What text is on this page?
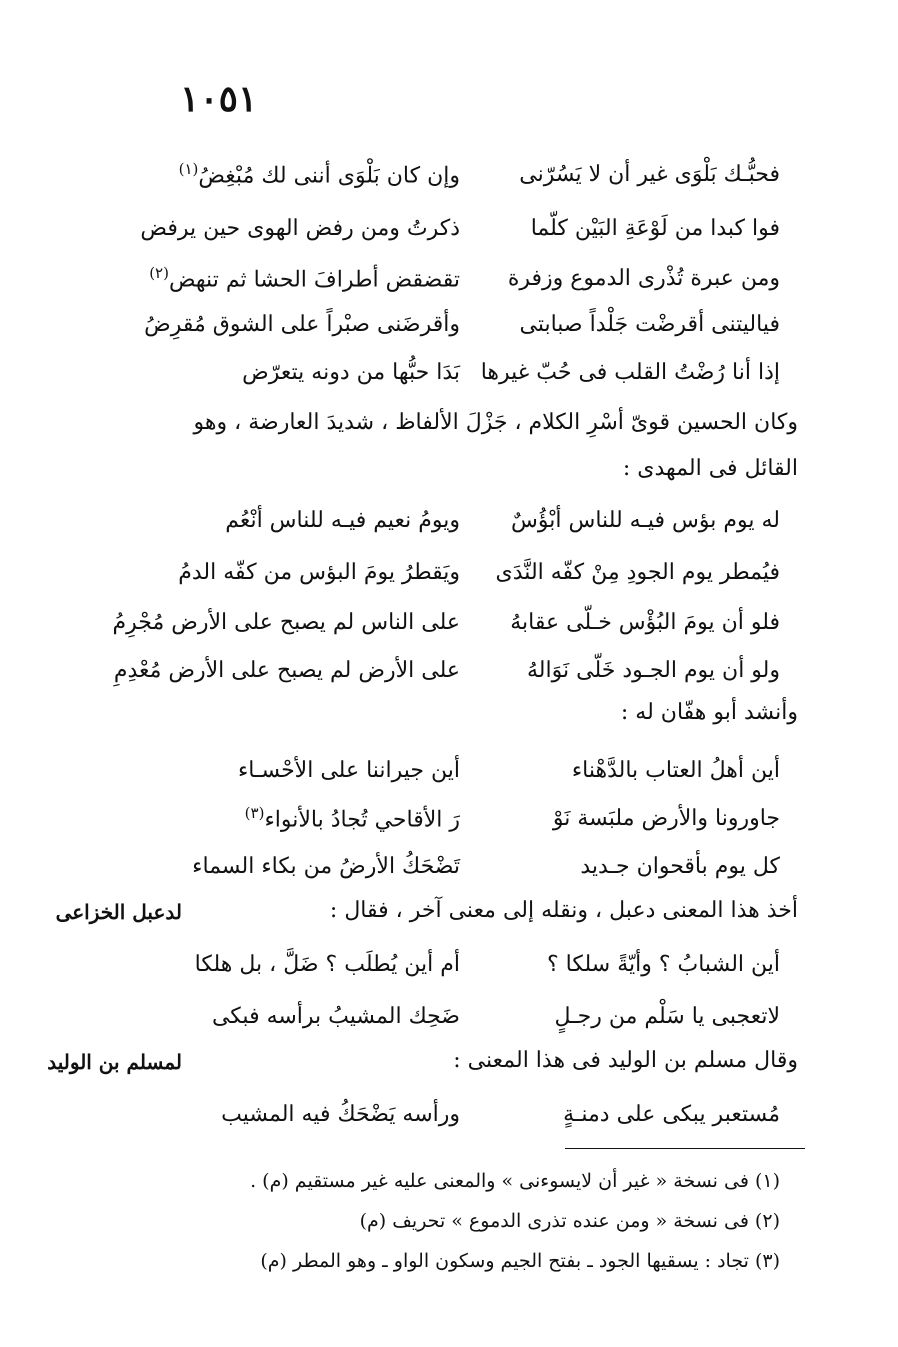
١٠٥١
فحبُّـك بَلْوَى غير أن لا يَسُرّنى
وإن كان بَلْوَى أننى لك مُبْغِضُ$^{(١)}$
فوا كبدا من لَوْعَةِ البَيْن كلّما
ذكرتُ ومن رفض الهوى حين يرفض
ومن عبرة تُذْرى الدموع وزفرة
تقضقض أطرافَ الحشا ثم تنهض$^{(٢)}$
فياليتنى أقرضْت جَلْداً صبابتى
وأقرضَنى صبْراً على الشوق مُقرِضُ
إذا أنا رُضْتُ القلب فى حُبّ غيرها
بَدَا حبُّها من دونه يتعرّض
وكان الحسين قوىّ أسْرِ الكلام ، جَزْلَ الألفاظ ، شديدَ العارضة ، وهو
القائل فى المهدى :
له يوم بؤس فيـه للناس أبْؤُسٌ
ويومُ نعيم فيـه للناس أنْعُم
فيُمطر يوم الجودِ مِنْ كفّه النَّدَى
ويَقطرُ يومَ البؤس من كفّه الدمُ
فلو أن يومَ البُؤْس خـلّى عقابهُ
على الناس لم يصبح على الأرض مُجْرِمُ
ولو أن يوم الجـود خَلّى نَوَالهُ
على الأرض لم يصبح على الأرض مُعْدِمِ
وأنشد أبو هفّان له :
أين أهلُ العتاب بالدَّهْناء
أين جيراننا على الأحْسـاء
جاورونا والأرض ملبَسة نَوْ
رَ الأقاحي تُجادُ بالأنواء$^{(٣)}$
كل يوم بأقحوان جـديد
تَضْحَكُ الأرضُ من بكاء السماء
أخذ هذا المعنى دعبل ، ونقله إلى معنى آخر ، فقال :
لدعبل الخزاعى
أين الشبابُ ؟ وأيّةً سلكا ؟
أم أين يُطلَب ؟ ضَلَّ ، بل هلكا
لاتعجبى يا سَلْم من رجـلٍ
ضَحِك المشيبُ برأسه فبكى
وقال مسلم بن الوليد فى هذا المعنى :
لمسلم بن الوليد
مُستعبر يبكى على دمنـةٍ
ورأسه يَضْحَكُ فيه المشيب
(١) فى نسخة « غير أن لايسوءنى » والمعنى عليه غير مستقيم (م) .
(٢) فى نسخة « ومن عنده تذرى الدموع » تحريف (م)
(٣) تجاد : يسقيها الجود ـ بفتح الجيم وسكون الواو ـ وهو المطر (م)
